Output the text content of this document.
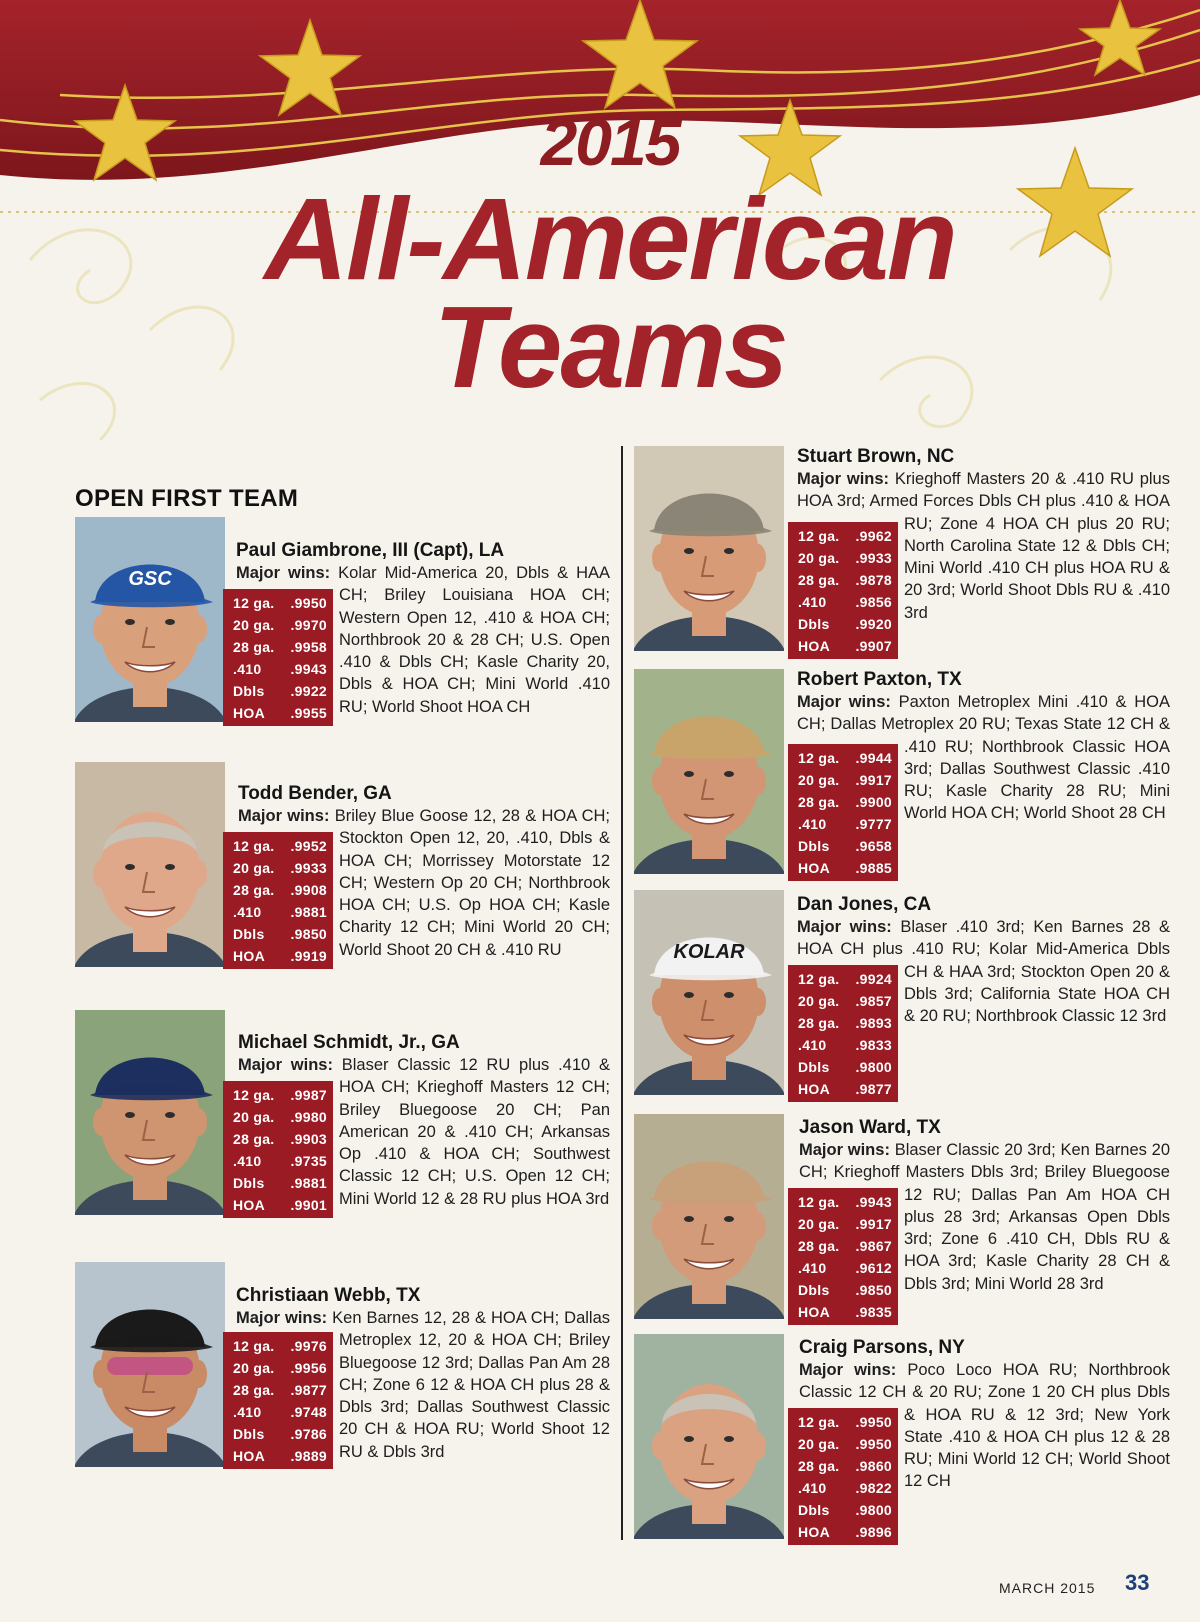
2015
All-American
Teams
OPEN FIRST TEAM
GSC
12 ga. .9950
20 ga. .9970
28 ga. .9958
.410 .9943
Dbls .9922
HOA .9955
Paul Giambrone, III (Capt), LA
Major wins: Kolar Mid-America 20, Dbls & HAA CH; Briley Louisiana HOA CH; Western Open 12, .410 & HOA CH; Northbrook 20 & 28 CH; U.S. Open .410 & Dbls CH; Kasle Charity 20, Dbls & HOA CH; Mini World .410 RU; World Shoot HOA CH
12 ga. .9952
20 ga. .9933
28 ga. .9908
.410 .9881
Dbls .9850
HOA .9919
Todd Bender, GA
Major wins: Briley Blue Goose 12, 28 & HOA CH; Stockton Open 12, 20, .410, Dbls & HOA CH; Morrissey Motorstate 12 CH; Western Op 20 CH; Northbrook HOA CH; U.S. Op HOA CH; Kasle Charity 12 CH; Mini World 20 CH; World Shoot 20 CH & .410 RU
12 ga. .9987
20 ga. .9980
28 ga. .9903
.410 .9735
Dbls .9881
HOA .9901
Michael Schmidt, Jr., GA
Major wins: Blaser Classic 12 RU plus .410 & HOA CH; Krieghoff Masters 12 CH; Briley Bluegoose 20 CH; Pan American 20 & .410 CH; Arkansas Op .410 & HOA CH; Southwest Classic 12 CH; U.S. Open 12 CH; Mini World 12 & 28 RU plus HOA 3rd
12 ga. .9976
20 ga. .9956
28 ga. .9877
.410 .9748
Dbls .9786
HOA .9889
Christiaan Webb, TX
Major wins: Ken Barnes 12, 28 & HOA CH; Dallas Metroplex 12, 20 & HOA CH; Briley Bluegoose 12 3rd; Dallas Pan Am 28 CH; Zone 6 12 & HOA CH plus 28 & Dbls 3rd; Dallas Southwest Classic 20 CH & HOA RU; World Shoot 12 RU & Dbls 3rd
12 ga. .9962
20 ga. .9933
28 ga. .9878
.410 .9856
Dbls .9920
HOA .9907
Stuart Brown, NC
Major wins: Krieghoff Masters 20 & .410 RU plus HOA 3rd; Armed Forces Dbls CH plus .410 & HOA RU; Zone 4 HOA CH plus 20 RU; North Carolina State 12 & Dbls CH; Mini World .410 CH plus HOA RU & 20 3rd; World Shoot Dbls RU & .410 3rd
12 ga. .9944
20 ga. .9917
28 ga. .9900
.410 .9777
Dbls .9658
HOA .9885
Robert Paxton, TX
Major wins: Paxton Metroplex Mini .410 & HOA CH; Dallas Metroplex 20 RU; Texas State 12 CH & .410 RU; Northbrook Classic HOA 3rd; Dallas Southwest Classic .410 RU; Kasle Charity 28 RU; Mini World HOA CH; World Shoot 28 CH
KOLAR
12 ga. .9924
20 ga. .9857
28 ga. .9893
.410 .9833
Dbls .9800
HOA .9877
Dan Jones, CA
Major wins: Blaser .410 3rd; Ken Barnes 28 & HOA CH plus .410 RU; Kolar Mid-America Dbls CH & HAA 3rd; Stockton Open 20 & Dbls 3rd; California State HOA CH & 20 RU; Northbrook Classic 12 3rd
12 ga. .9943
20 ga. .9917
28 ga. .9867
.410 .9612
Dbls .9850
HOA .9835
Jason Ward, TX
Major wins: Blaser Classic 20 3rd; Ken Barnes 20 CH; Krieghoff Masters Dbls 3rd; Briley Bluegoose 12 RU; Dallas Pan Am HOA CH plus 28 3rd; Arkansas Open Dbls 3rd; Zone 6 .410 CH, Dbls RU & HOA 3rd; Kasle Charity 28 CH & Dbls 3rd; Mini World 28 3rd
12 ga. .9950
20 ga. .9950
28 ga. .9860
.410 .9822
Dbls .9800
HOA .9896
Craig Parsons, NY
Major wins: Poco Loco HOA RU; Northbrook Classic 12 CH & 20 RU; Zone 1 20 CH plus Dbls & HOA RU & 12 3rd; New York State .410 & HOA CH plus 12 & 28 RU; Mini World 12 CH; World Shoot 12 CH
MARCH 2015 33
